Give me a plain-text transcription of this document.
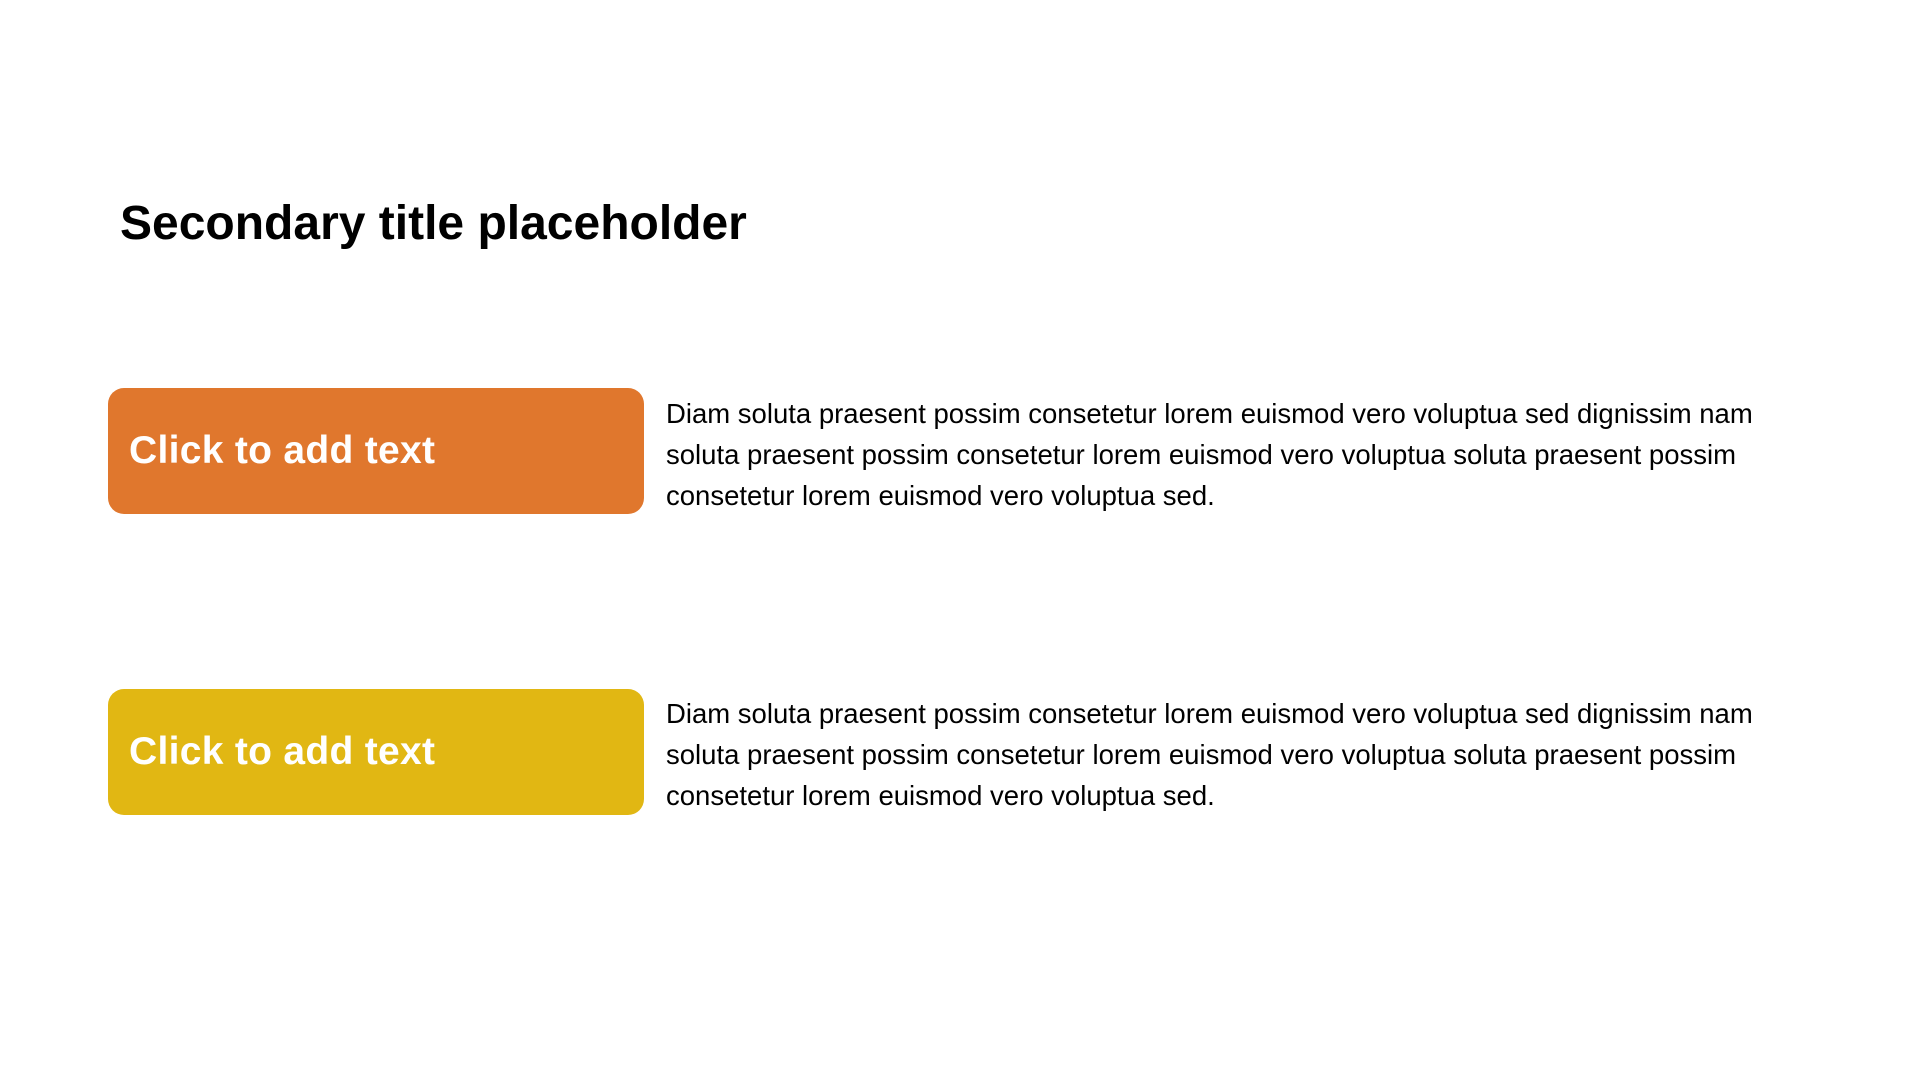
Secondary title placeholder
Click to add text

Diam soluta praesent possim consetetur lorem euismod vero voluptua sed dignissim nam soluta praesent possim consetetur lorem euismod vero voluptua soluta praesent possim consetetur lorem euismod vero voluptua sed.

Click to add text

Diam soluta praesent possim consetetur lorem euismod vero voluptua sed dignissim nam soluta praesent possim consetetur lorem euismod vero voluptua soluta praesent possim consetetur lorem euismod vero voluptua sed.
